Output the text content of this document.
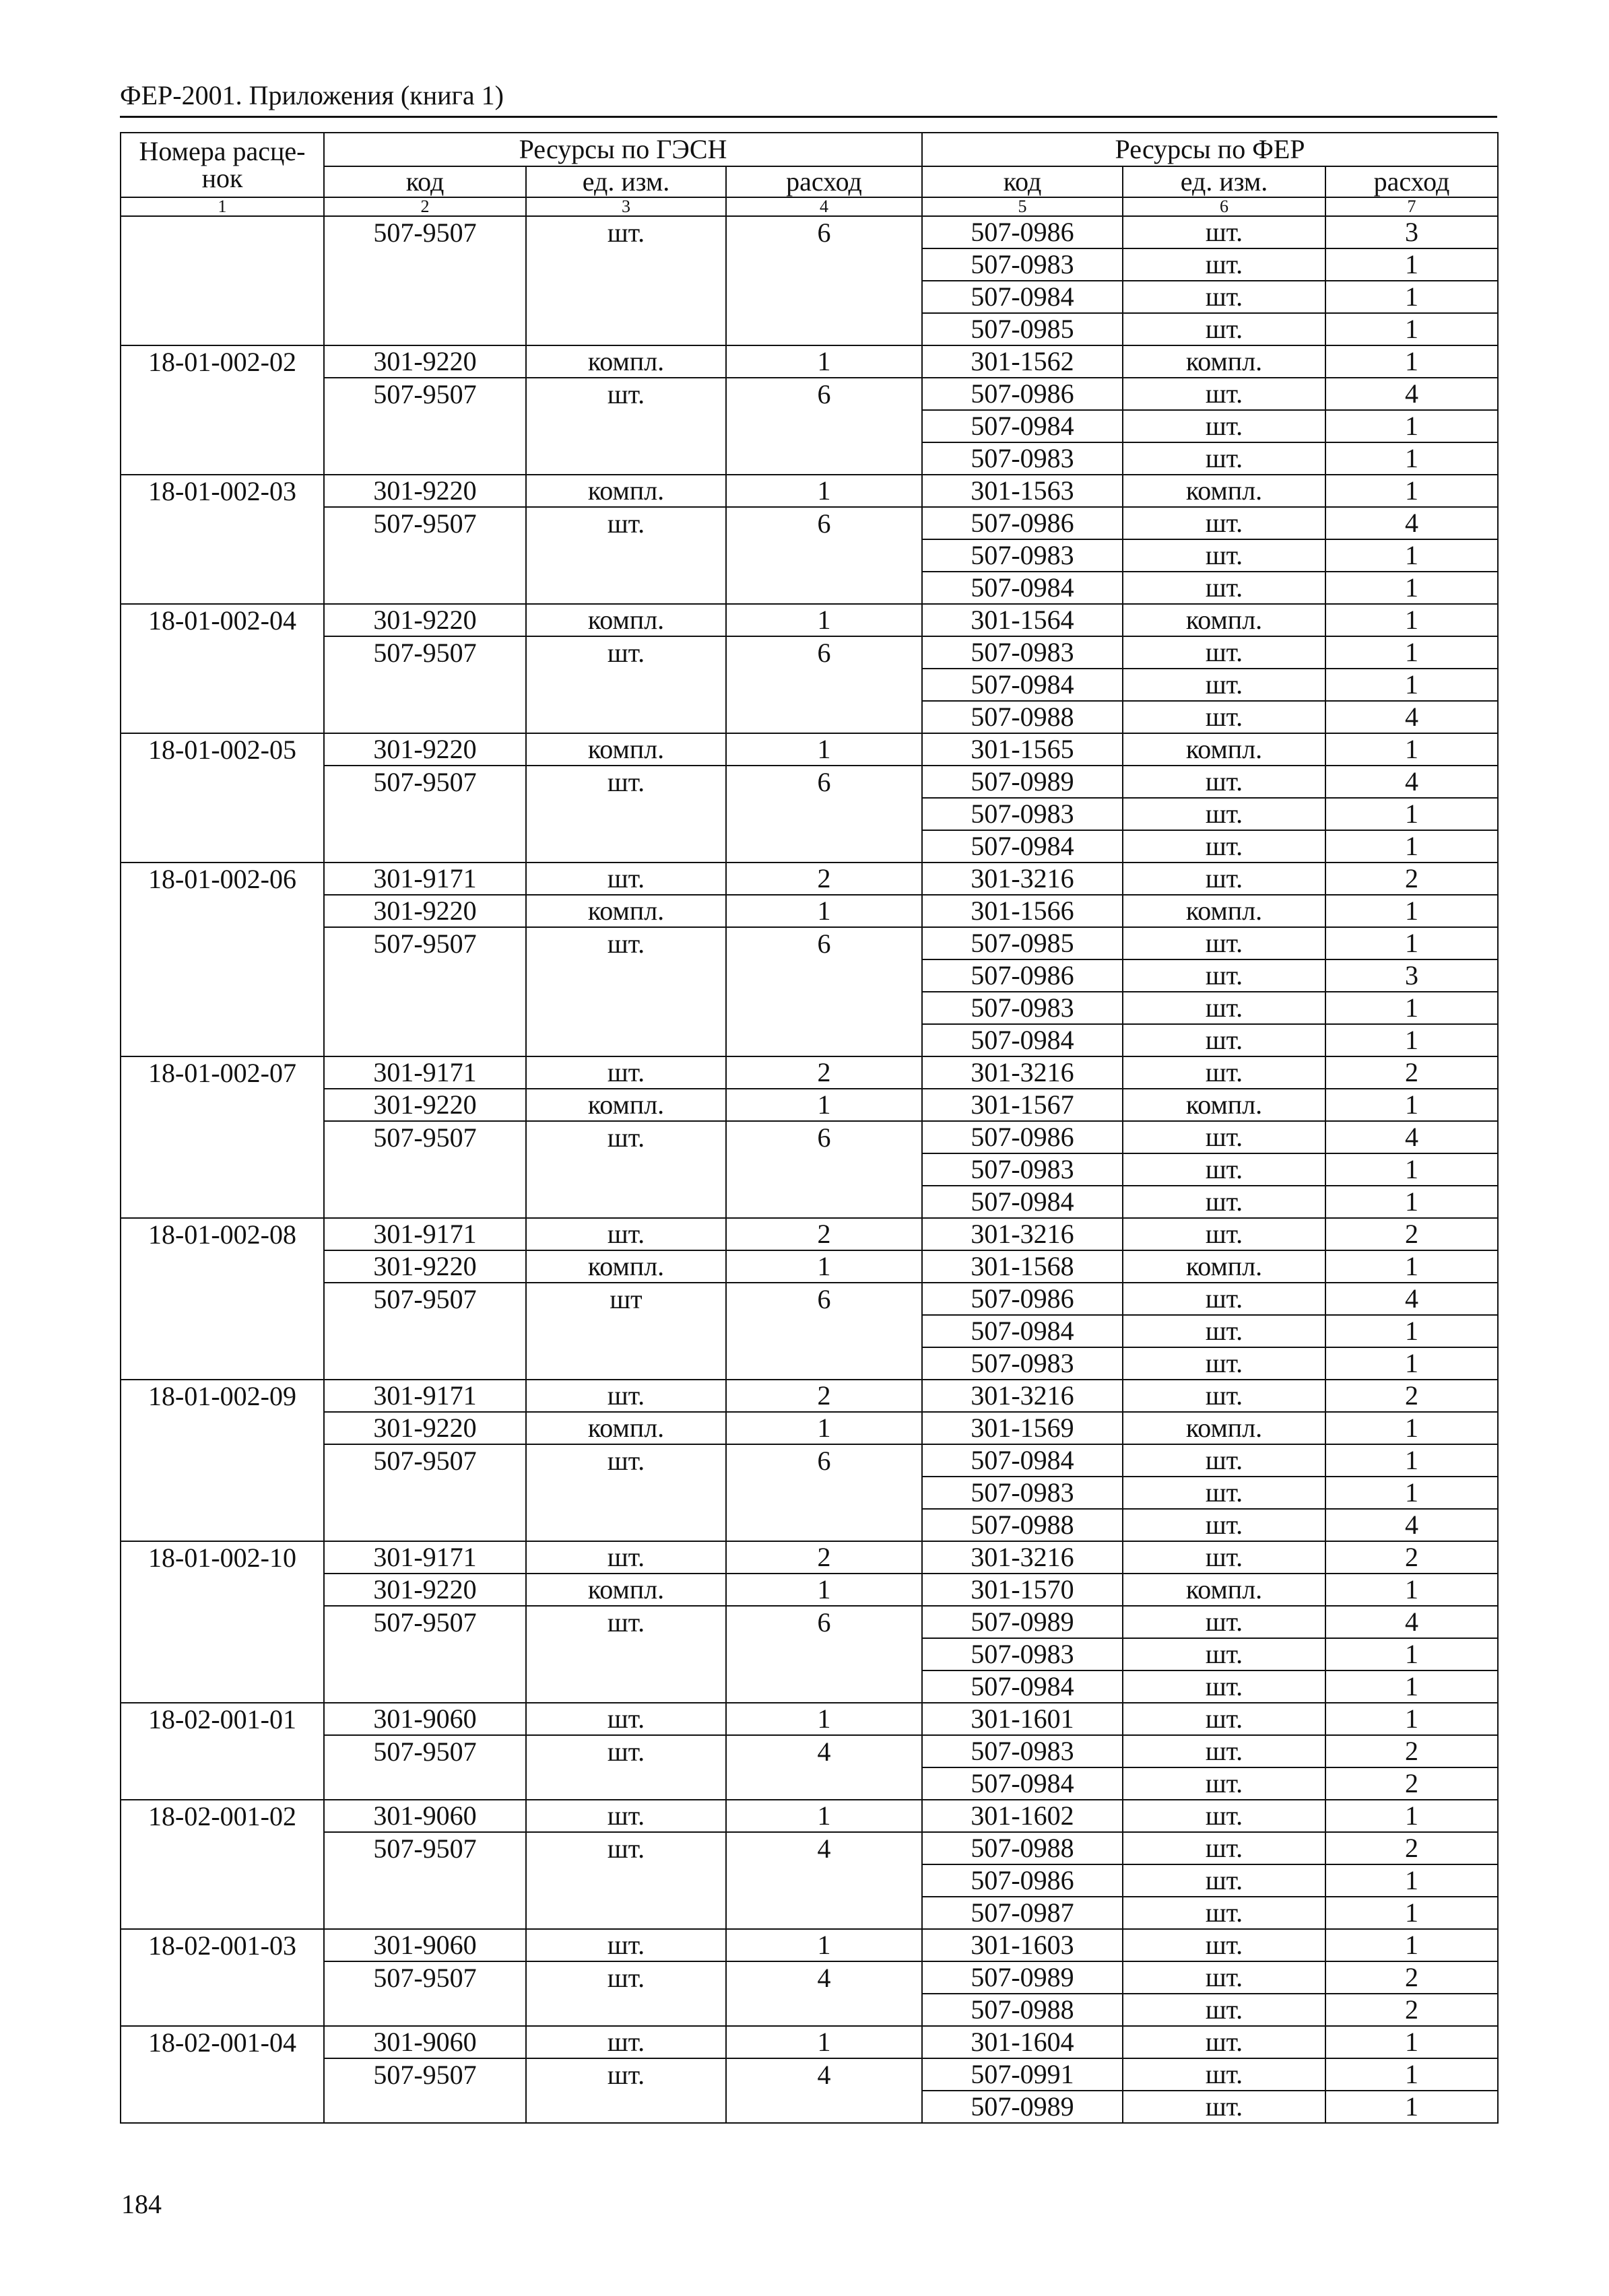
ФЕР-2001. Приложения (книга 1)
Номера расце-нок	Ресурсы по ГЭСН			Ресурсы по ФЕР		
	код	ед. изм.	расход	код	ед. изм.	расход
1	2	3	4	5	6	7
	507-9507	шт.	6	507-0986	шт.	3
				507-0983	шт.	1
				507-0984	шт.	1
				507-0985	шт.	1
18-01-002-02	301-9220	компл.	1	301-1562	компл.	1
	507-9507	шт.	6	507-0986	шт.	4
				507-0984	шт.	1
				507-0983	шт.	1
18-01-002-03	301-9220	компл.	1	301-1563	компл.	1
	507-9507	шт.	6	507-0986	шт.	4
				507-0983	шт.	1
				507-0984	шт.	1
18-01-002-04	301-9220	компл.	1	301-1564	компл.	1
	507-9507	шт.	6	507-0983	шт.	1
				507-0984	шт.	1
				507-0988	шт.	4
18-01-002-05	301-9220	компл.	1	301-1565	компл.	1
	507-9507	шт.	6	507-0989	шт.	4
				507-0983	шт.	1
				507-0984	шт.	1
18-01-002-06	301-9171	шт.	2	301-3216	шт.	2
	301-9220	компл.	1	301-1566	компл.	1
	507-9507	шт.	6	507-0985	шт.	1
				507-0986	шт.	3
				507-0983	шт.	1
				507-0984	шт.	1
18-01-002-07	301-9171	шт.	2	301-3216	шт.	2
	301-9220	компл.	1	301-1567	компл.	1
	507-9507	шт.	6	507-0986	шт.	4
				507-0983	шт.	1
				507-0984	шт.	1
18-01-002-08	301-9171	шт.	2	301-3216	шт.	2
	301-9220	компл.	1	301-1568	компл.	1
	507-9507	шт	6	507-0986	шт.	4
				507-0984	шт.	1
				507-0983	шт.	1
18-01-002-09	301-9171	шт.	2	301-3216	шт.	2
	301-9220	компл.	1	301-1569	компл.	1
	507-9507	шт.	6	507-0984	шт.	1
				507-0983	шт.	1
				507-0988	шт.	4
18-01-002-10	301-9171	шт.	2	301-3216	шт.	2
	301-9220	компл.	1	301-1570	компл.	1
	507-9507	шт.	6	507-0989	шт.	4
				507-0983	шт.	1
				507-0984	шт.	1
18-02-001-01	301-9060	шт.	1	301-1601	шт.	1
	507-9507	шт.	4	507-0983	шт.	2
				507-0984	шт.	2
18-02-001-02	301-9060	шт.	1	301-1602	шт.	1
	507-9507	шт.	4	507-0988	шт.	2
				507-0986	шт.	1
				507-0987	шт.	1
18-02-001-03	301-9060	шт.	1	301-1603	шт.	1
	507-9507	шт.	4	507-0989	шт.	2
				507-0988	шт.	2
18-02-001-04	301-9060	шт.	1	301-1604	шт.	1
	507-9507	шт.	4	507-0991	шт.	1
				507-0989	шт.	1
184
